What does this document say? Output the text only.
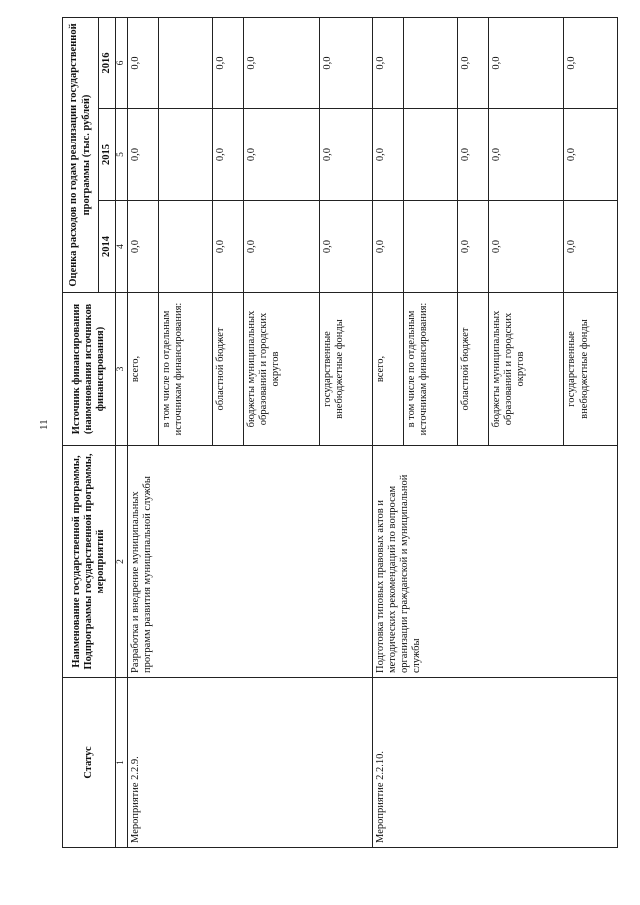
11
Статус	Наименование государственной программы, Подпрограммы государственной программы, мероприятий	Источник финансирования (наименования источников финансирования)	Оценка расходов по годам реализации государственной программы (тыс. рублей)		
			2014	2015	2016
1	2	3	4	5	6
Мероприятие 2.2.9.	Разработка и внедрение муниципальных программ развития муниципальной службы	всего,	0,0	0,0	0,0
		в том числе по отдельным источникам финансирования:			
		областной бюджет	0,0	0,0	0,0
		бюджеты муниципальных образований и городских округов	0,0	0,0	0,0
		государственные внебюджетные фонды	0,0	0,0	0,0
Мероприятие 2.2.10.	Подготовка типовых правовых актов и методических рекомендаций по вопросам организации гражданской и муниципальной службы	всего,	0,0	0,0	0,0
		в том числе по отдельным источникам финансирования:			
		областной бюджет	0,0	0,0	0,0
		бюджеты муниципальных образований и городских округов	0,0	0,0	0,0
		государственные внебюджетные фонды	0,0	0,0	0,0
